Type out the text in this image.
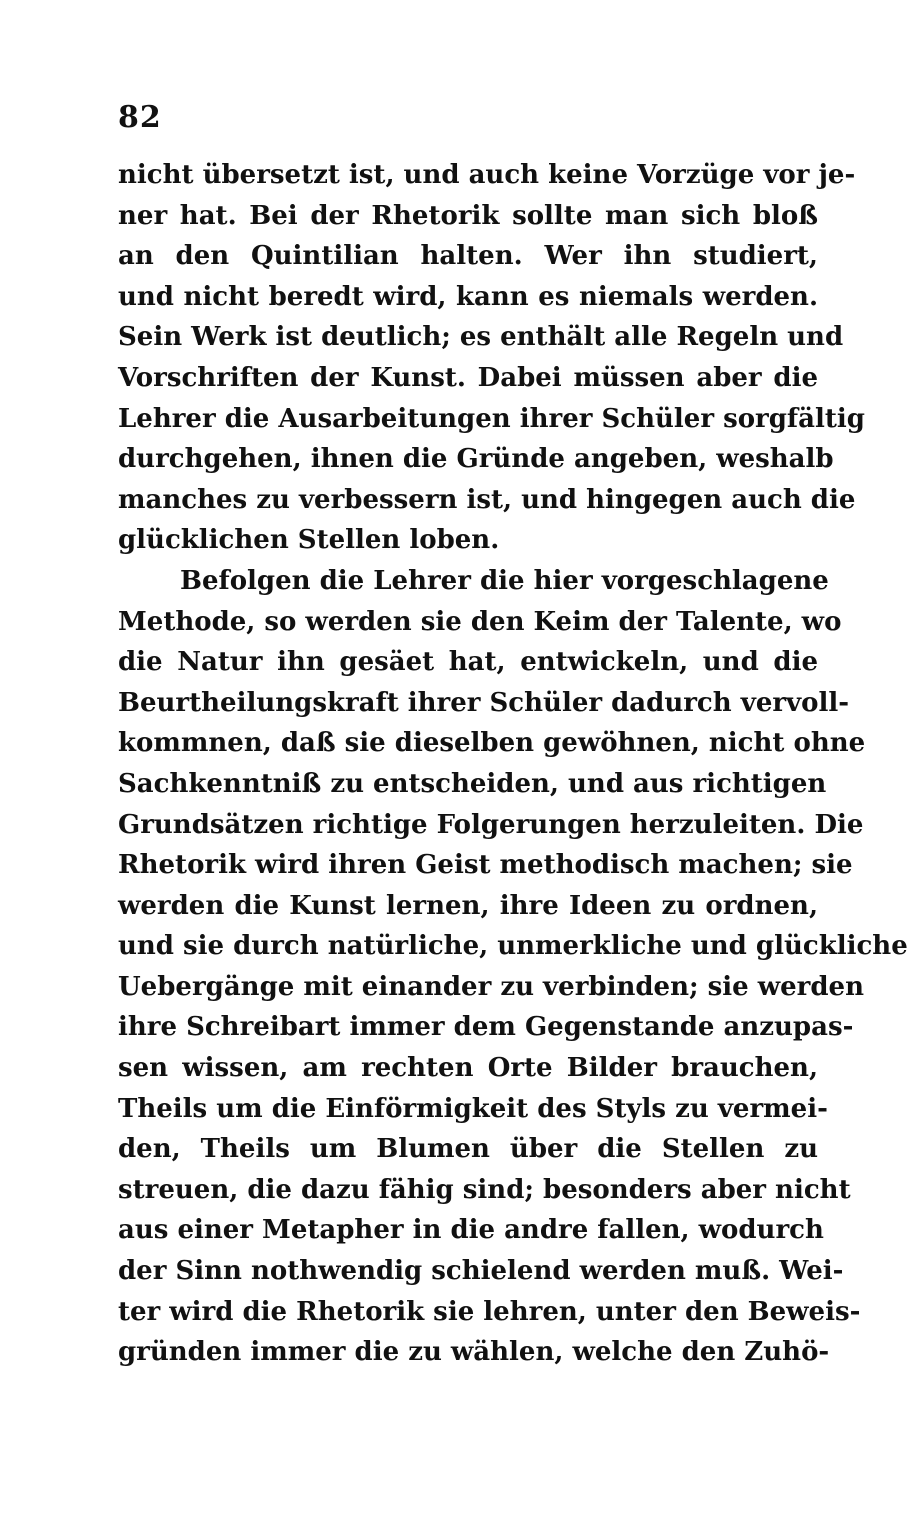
82
nicht übersetzt ist, und auch keine Vorzüge vor je-
ner hat. Bei der Rhetorik sollte man sich bloß
an den Quintilian halten. Wer ihn studiert,
und nicht beredt wird, kann es niemals werden.
Sein Werk ist deutlich; es enthält alle Regeln und
Vorschriften der Kunst. Dabei müssen aber die
Lehrer die Ausarbeitungen ihrer Schüler sorgfältig
durchgehen, ihnen die Gründe angeben, weshalb
manches zu verbessern ist, und hingegen auch die
glücklichen Stellen loben.
Befolgen die Lehrer die hier vorgeschlagene
Methode, so werden sie den Keim der Talente, wo
die Natur ihn gesäet hat, entwickeln, und die
Beurtheilungskraft ihrer Schüler dadurch vervoll-
kommnen, daß sie dieselben gewöhnen, nicht ohne
Sachkenntniß zu entscheiden, und aus richtigen
Grundsätzen richtige Folgerungen herzuleiten. Die
Rhetorik wird ihren Geist methodisch machen; sie
werden die Kunst lernen, ihre Ideen zu ordnen,
und sie durch natürliche, unmerkliche und glückliche
Uebergänge mit einander zu verbinden; sie werden
ihre Schreibart immer dem Gegenstande anzupas-
sen wissen, am rechten Orte Bilder brauchen,
Theils um die Einförmigkeit des Styls zu vermei-
den, Theils um Blumen über die Stellen zu
streuen, die dazu fähig sind; besonders aber nicht
aus einer Metapher in die andre fallen, wodurch
der Sinn nothwendig schielend werden muß. Wei-
ter wird die Rhetorik sie lehren, unter den Beweis-
gründen immer die zu wählen, welche den Zuhö-
